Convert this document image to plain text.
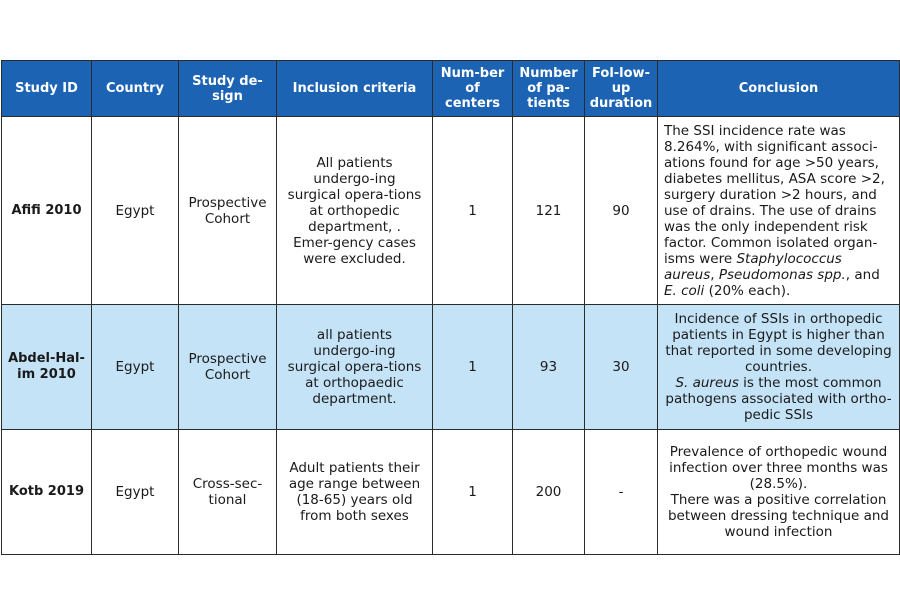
Study ID	Country	Study de-sign	Inclusion criteria	Num-ber of centers	Number of pa-tients	Fol-low-up duration	Conclusion
Afifi 2010	Egypt	Prospective Cohort	All patients undergo-ing surgical opera-tions at orthopedic department, . Emer-gency cases were excluded.	1	121	90	The SSI incidence rate was 8.264%, with significant associ-ations found for age >50 years, diabetes mellitus, ASA score >2, surgery duration >2 hours, and use of drains. The use of drains was the only independent risk factor. Common isolated organ-isms were Staphylococcus aureus, Pseudomonas spp., and E. coli (20% each).
Abdel-Hal-im 2010	Egypt	Prospective Cohort	all patients undergo-ing surgical opera-tions at orthopaedic department.	1	93	30	Incidence of SSIs in orthopedic patients in Egypt is higher than that reported in some developing countries.
S. aureus is the most common pathogens associated with ortho-pedic SSIs
Kotb 2019	Egypt	Cross-sec-tional	Adult patients their age range between (18-65) years old from both sexes	1	200	-	Prevalence of orthopedic wound infection over three months was (28.5%).
There was a positive correlation between dressing technique and wound infection
